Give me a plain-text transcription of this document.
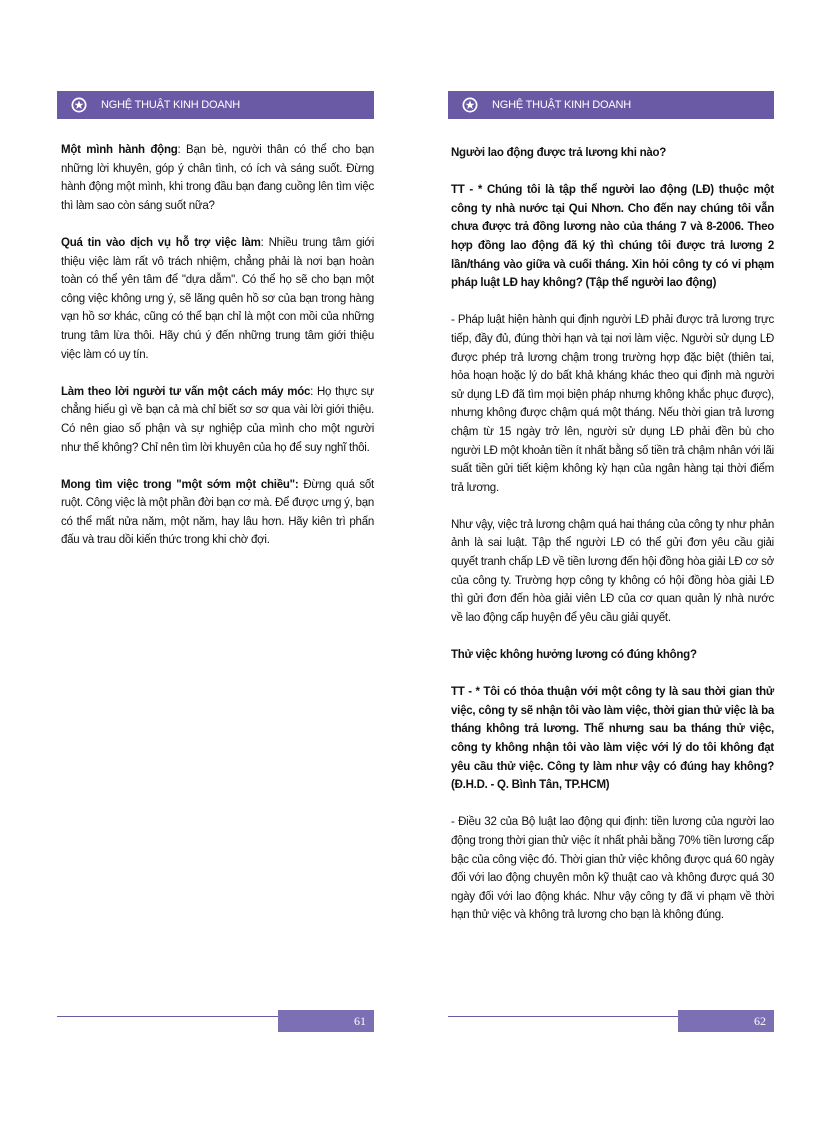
NGHỆ THUẬT KINH DOANH

Một mình hành động: Bạn bè, người thân có thể cho bạn những lời khuyên, góp ý chân tình, có ích và sáng suốt. Đừng hành động một mình, khi trong đầu bạn đang cuồng lên tìm việc thì làm sao còn sáng suốt nữa?

Quá tin vào dịch vụ hỗ trợ việc làm: Nhiều trung tâm giới thiệu việc làm rất vô trách nhiệm, chẳng phải là nơi bạn hoàn toàn có thể yên tâm để "dựa dẫm". Có thể họ sẽ cho bạn một công việc không ưng ý, sẽ lãng quên hồ sơ của bạn trong hàng vạn hồ sơ khác, cũng có thể bạn chỉ là một con mồi của những trung tâm lừa thôi. Hãy chú ý đến những trung tâm giới thiệu việc làm có uy tín.

Làm theo lời người tư vấn một cách máy móc: Họ thực sự chẳng hiểu gì về bạn cả mà chỉ biết sơ sơ qua vài lời giới thiệu. Có nên giao số phận và sự nghiệp của mình cho một người như thế không? Chỉ nên tìm lời khuyên của họ để suy nghĩ thôi.

Mong tìm việc trong "một sớm một chiều": Đừng quá sốt ruột. Công việc là một phần đời bạn cơ mà. Để được ưng ý, bạn có thể mất nửa năm, một năm, hay lâu hơn. Hãy kiên trì phấn đấu và trau dồi kiến thức trong khi chờ đợi.

61
NGHỆ THUẬT KINH DOANH

Người lao động được trả lương khi nào?

TT - * Chúng tôi là tập thể người lao động (LĐ) thuộc một công ty nhà nước tại Qui Nhơn. Cho đến nay chúng tôi vẫn chưa được trả đồng lương nào của tháng 7 và 8-2006. Theo hợp đồng lao động đã ký thì chúng tôi được trả lương 2 lần/tháng vào giữa và cuối tháng. Xin hỏi công ty có vi phạm pháp luật LĐ hay không? (Tập thể người lao động)

- Pháp luật hiện hành qui định người LĐ phải được trả lương trực tiếp, đầy đủ, đúng thời hạn và tại nơi làm việc. Người sử dụng LĐ được phép trả lương chậm trong trường hợp đặc biệt (thiên tai, hỏa hoạn hoặc lý do bất khả kháng khác theo qui định mà người sử dụng LĐ đã tìm mọi biện pháp nhưng không khắc phục được), nhưng không được chậm quá một tháng. Nếu thời gian trả lương chậm từ 15 ngày trở lên, người sử dụng LĐ phải đền bù cho người LĐ một khoản tiền ít nhất bằng số tiền trả chậm nhân với lãi suất tiền gửi tiết kiệm không kỳ hạn của ngân hàng tại thời điểm trả lương.

Như vậy, việc trả lương chậm quá hai tháng của công ty như phản ảnh là sai luật. Tập thể người LĐ có thể gửi đơn yêu cầu giải quyết tranh chấp LĐ về tiền lương đến hội đồng hòa giải LĐ cơ sở của công ty. Trường hợp công ty không có hội đồng hòa giải LĐ thì gửi đơn đến hòa giải viên LĐ của cơ quan quản lý nhà nước về lao động cấp huyện để yêu cầu giải quyết.

Thử việc không hưởng lương có đúng không?

TT - * Tôi có thỏa thuận với một công ty là sau thời gian thử việc, công ty sẽ nhận tôi vào làm việc, thời gian thử việc là ba tháng không trả lương. Thế nhưng sau ba tháng thử việc, công ty không nhận tôi vào làm việc với lý do tôi không đạt yêu cầu thử việc. Công ty làm như vậy có đúng hay không? (Đ.H.D. - Q. Bình Tân, TP.HCM)

- Điều 32 của Bộ luật lao động qui định: tiền lương của người lao động trong thời gian thử việc ít nhất phải bằng 70% tiền lương cấp bậc của công việc đó. Thời gian thử việc không được quá 60 ngày đối với lao động chuyên môn kỹ thuật cao và không được quá 30 ngày đối với lao động khác. Như vậy công ty đã vi phạm về thời hạn thử việc và không trả lương cho bạn là không đúng.

62
